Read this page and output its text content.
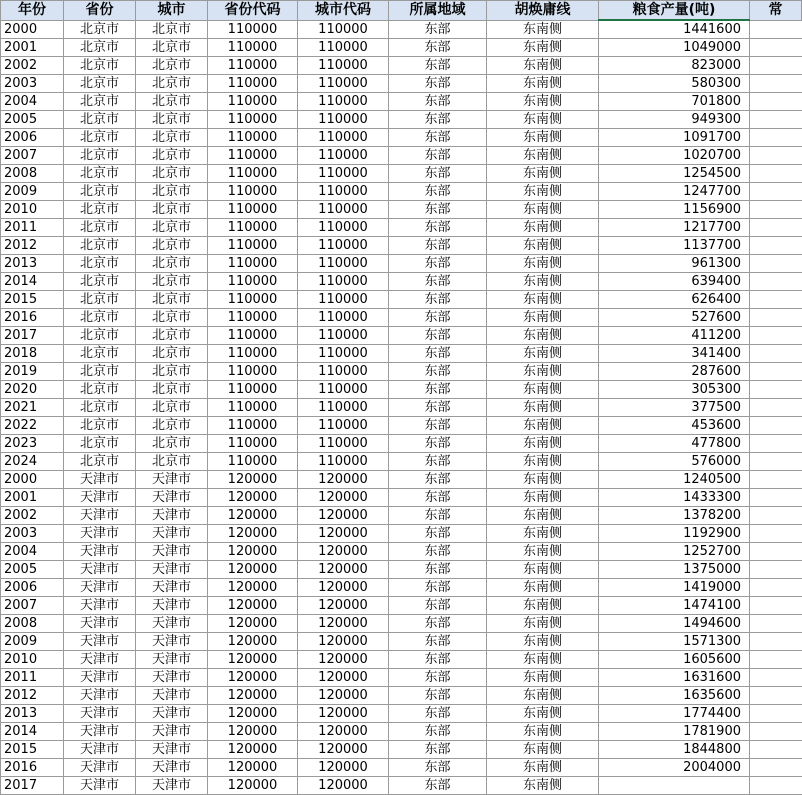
年份	省份	城市	省份代码	城市代码	所属地域	胡焕庸线	粮食产量(吨)	常
2000	北京市	北京市	110000	110000	东部	东南侧	1441600	
2001	北京市	北京市	110000	110000	东部	东南侧	1049000	
2002	北京市	北京市	110000	110000	东部	东南侧	823000	
2003	北京市	北京市	110000	110000	东部	东南侧	580300	
2004	北京市	北京市	110000	110000	东部	东南侧	701800	
2005	北京市	北京市	110000	110000	东部	东南侧	949300	
2006	北京市	北京市	110000	110000	东部	东南侧	1091700	
2007	北京市	北京市	110000	110000	东部	东南侧	1020700	
2008	北京市	北京市	110000	110000	东部	东南侧	1254500	
2009	北京市	北京市	110000	110000	东部	东南侧	1247700	
2010	北京市	北京市	110000	110000	东部	东南侧	1156900	
2011	北京市	北京市	110000	110000	东部	东南侧	1217700	
2012	北京市	北京市	110000	110000	东部	东南侧	1137700	
2013	北京市	北京市	110000	110000	东部	东南侧	961300	
2014	北京市	北京市	110000	110000	东部	东南侧	639400	
2015	北京市	北京市	110000	110000	东部	东南侧	626400	
2016	北京市	北京市	110000	110000	东部	东南侧	527600	
2017	北京市	北京市	110000	110000	东部	东南侧	411200	
2018	北京市	北京市	110000	110000	东部	东南侧	341400	
2019	北京市	北京市	110000	110000	东部	东南侧	287600	
2020	北京市	北京市	110000	110000	东部	东南侧	305300	
2021	北京市	北京市	110000	110000	东部	东南侧	377500	
2022	北京市	北京市	110000	110000	东部	东南侧	453600	
2023	北京市	北京市	110000	110000	东部	东南侧	477800	
2024	北京市	北京市	110000	110000	东部	东南侧	576000	
2000	天津市	天津市	120000	120000	东部	东南侧	1240500	
2001	天津市	天津市	120000	120000	东部	东南侧	1433300	
2002	天津市	天津市	120000	120000	东部	东南侧	1378200	
2003	天津市	天津市	120000	120000	东部	东南侧	1192900	
2004	天津市	天津市	120000	120000	东部	东南侧	1252700	
2005	天津市	天津市	120000	120000	东部	东南侧	1375000	
2006	天津市	天津市	120000	120000	东部	东南侧	1419000	
2007	天津市	天津市	120000	120000	东部	东南侧	1474100	
2008	天津市	天津市	120000	120000	东部	东南侧	1494600	
2009	天津市	天津市	120000	120000	东部	东南侧	1571300	
2010	天津市	天津市	120000	120000	东部	东南侧	1605600	
2011	天津市	天津市	120000	120000	东部	东南侧	1631600	
2012	天津市	天津市	120000	120000	东部	东南侧	1635600	
2013	天津市	天津市	120000	120000	东部	东南侧	1774400	
2014	天津市	天津市	120000	120000	东部	东南侧	1781900	
2015	天津市	天津市	120000	120000	东部	东南侧	1844800	
2016	天津市	天津市	120000	120000	东部	东南侧	2004000	
2017	天津市	天津市	120000	120000	东部	东南侧		
